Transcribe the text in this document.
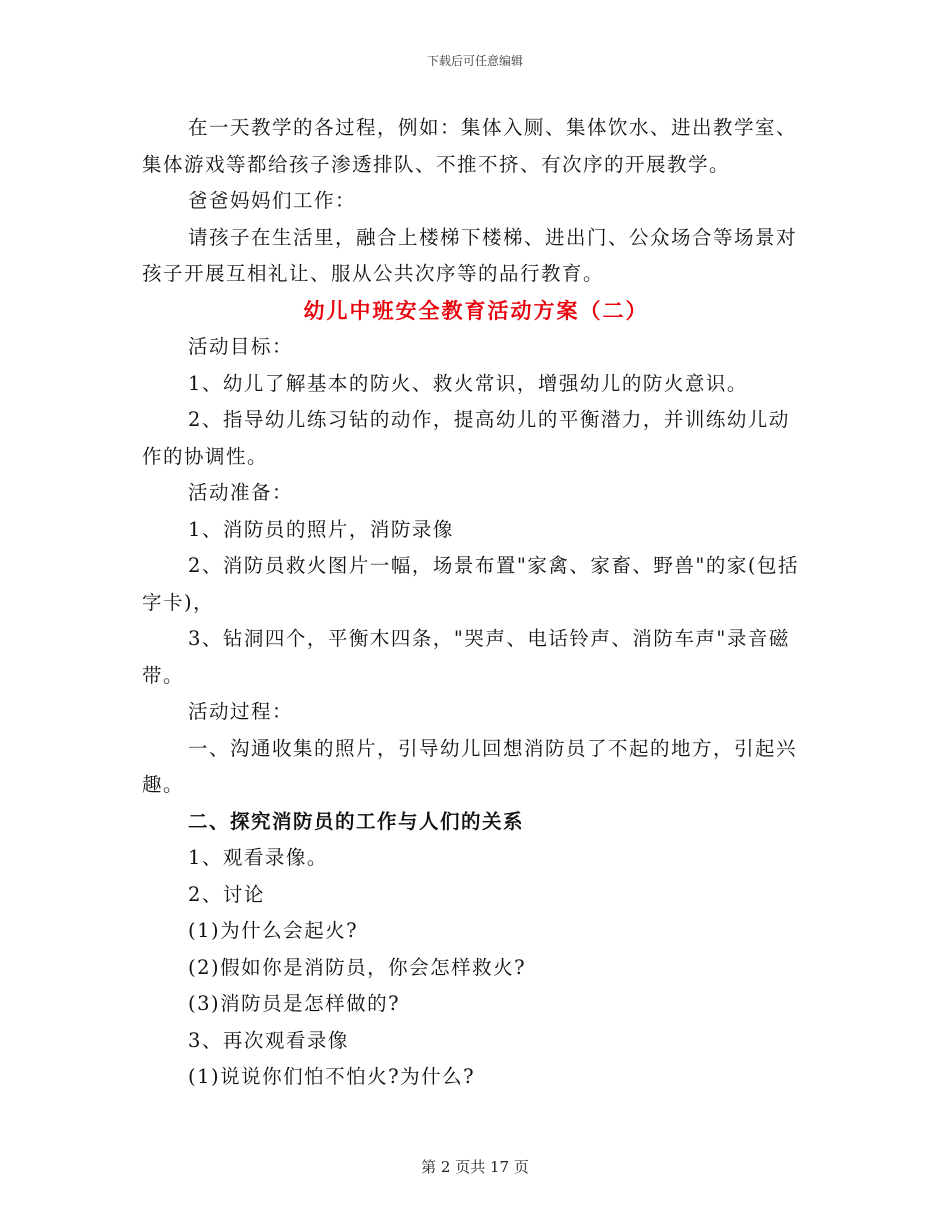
下载后可任意编辑

在一天教学的各过程，例如：集体入厕、集体饮水、进出教学室、集体游戏等都给孩子渗透排队、不推不挤、有次序的开展教学。

爸爸妈妈们工作：

请孩子在生活里，融合上楼梯下楼梯、进出门、公众场合等场景对孩子开展互相礼让、服从公共次序等的品行教育。

幼儿中班安全教育活动方案（二）

活动目标：

1、幼儿了解基本的防火、救火常识，增强幼儿的防火意识。

2、指导幼儿练习钻的动作，提高幼儿的平衡潜力，并训练幼儿动作的协调性。

活动准备：

1、消防员的照片，消防录像

2、消防员救火图片一幅，场景布置"家禽、家畜、野兽"的家(包括字卡)，

3、钻洞四个，平衡木四条，"哭声、电话铃声、消防车声"录音磁带。

活动过程：

一、沟通收集的照片，引导幼儿回想消防员了不起的地方，引起兴趣。

二、探究消防员的工作与人们的关系

1、观看录像。

2、讨论

(1)为什么会起火?

(2)假如你是消防员，你会怎样救火?

(3)消防员是怎样做的?

3、再次观看录像

(1)说说你们怕不怕火?为什么?

第 2 页共 17 页
